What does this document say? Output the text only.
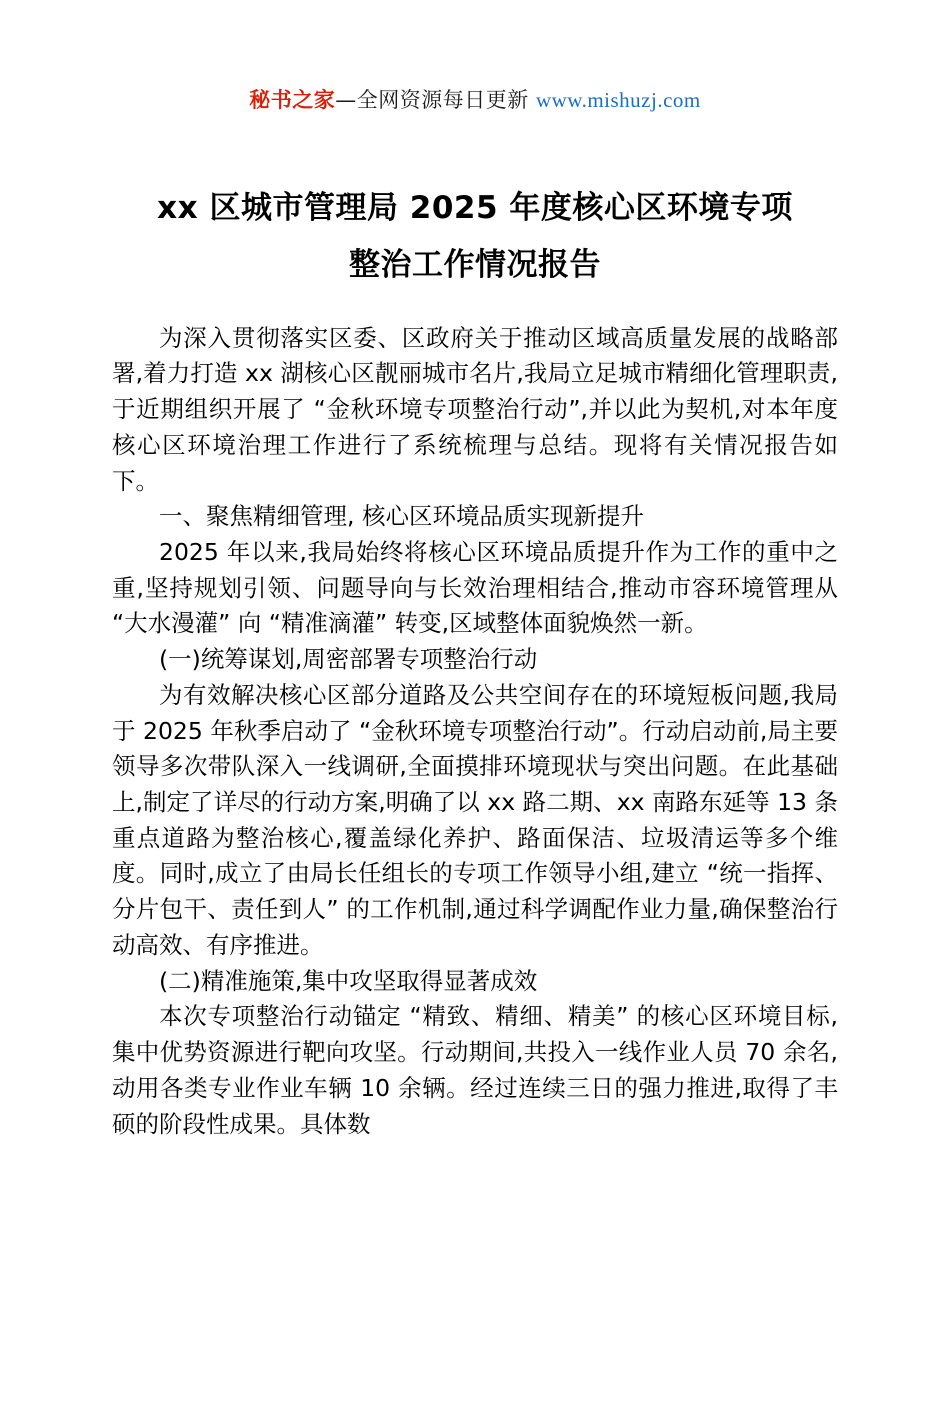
秘书之家—全网资源每日更新 www.mishuzj.com
xx 区城市管理局 2025 年度核心区环境专项
整治工作情况报告

为深入贯彻落实区委、区政府关于推动区域高质量发展的战略部署,着力打造 xx 湖核心区靓丽城市名片,我局立足城市精细化管理职责,于近期组织开展了 “金秋环境专项整治行动”,并以此为契机,对本年度核心区环境治理工作进行了系统梳理与总结。现将有关情况报告如下。

一、聚焦精细管理, 核心区环境品质实现新提升

2025 年以来,我局始终将核心区环境品质提升作为工作的重中之重,坚持规划引领、问题导向与长效治理相结合,推动市容环境管理从 “大水漫灌” 向 “精准滴灌” 转变,区域整体面貌焕然一新。

(一)统筹谋划,周密部署专项整治行动

为有效解决核心区部分道路及公共空间存在的环境短板问题,我局于 2025 年秋季启动了 “金秋环境专项整治行动”。行动启动前,局主要领导多次带队深入一线调研,全面摸排环境现状与突出问题。在此基础上,制定了详尽的行动方案,明确了以 xx 路二期、xx 南路东延等 13 条重点道路为整治核心,覆盖绿化养护、路面保洁、垃圾清运等多个维度。同时,成立了由局长任组长的专项工作领导小组,建立 “统一指挥、分片包干、责任到人” 的工作机制,通过科学调配作业力量,确保整治行动高效、有序推进。

(二)精准施策,集中攻坚取得显著成效

本次专项整治行动锚定 “精致、精细、精美” 的核心区环境目标,集中优势资源进行靶向攻坚。行动期间,共投入一线作业人员 70 余名,动用各类专业作业车辆 10 余辆。经过连续三日的强力推进,取得了丰硕的阶段性成果。具体数
